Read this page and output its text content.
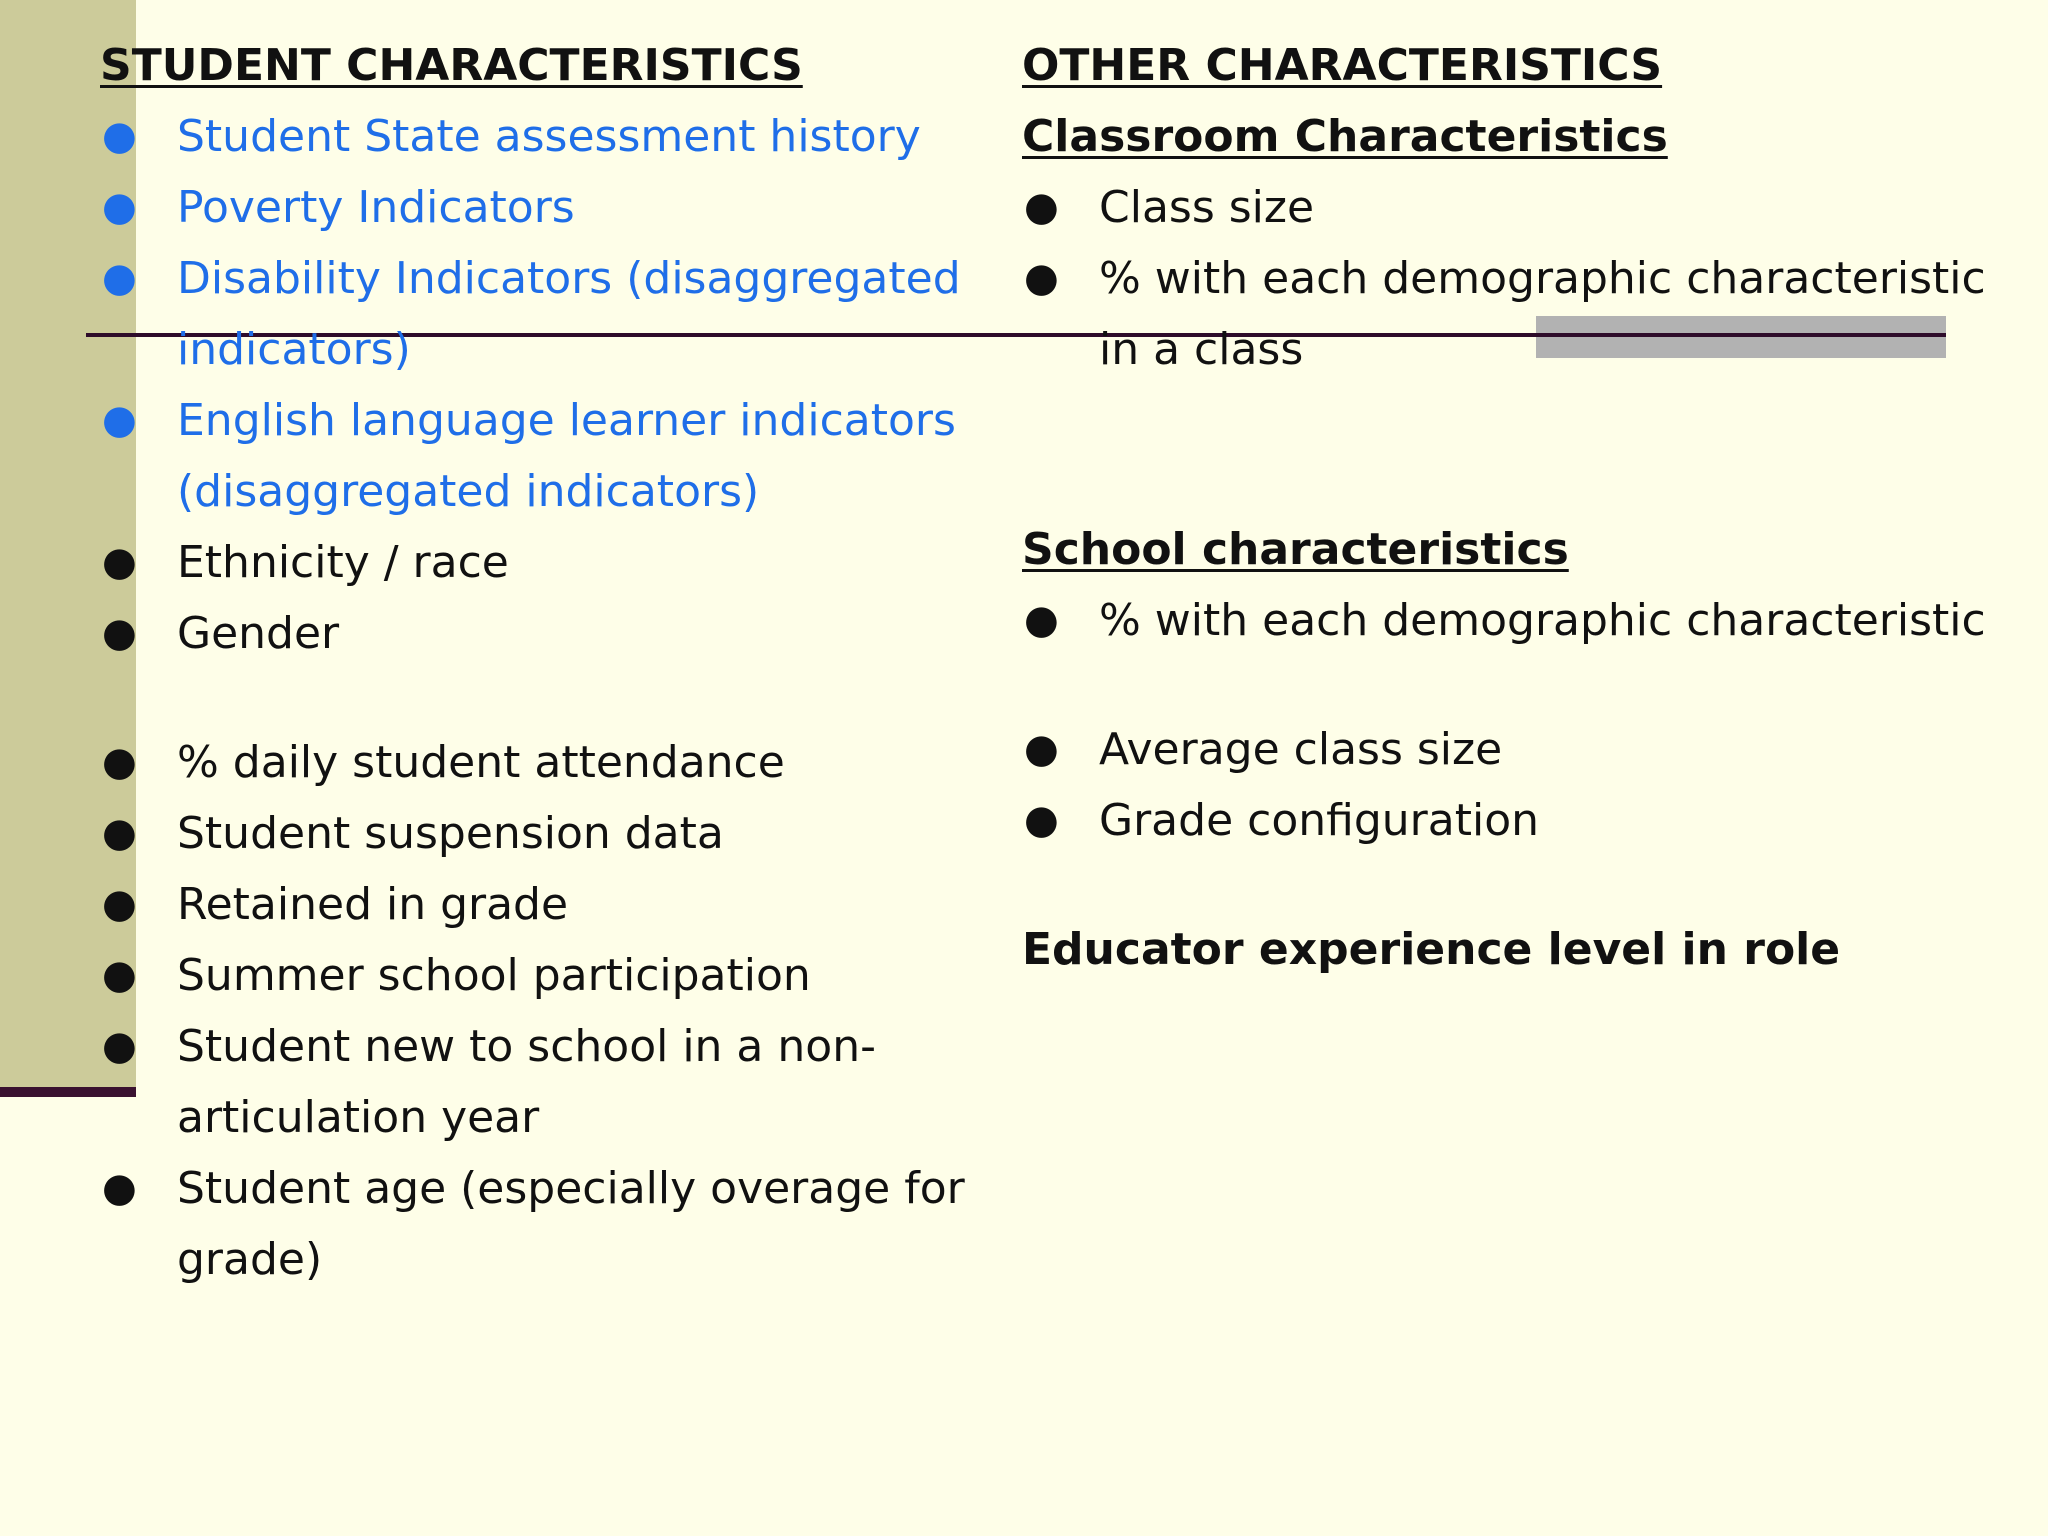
STUDENT CHARACTERISTICS
● Student State assessment history
● Poverty Indicators
● Disability Indicators (disaggregated indicators)
● English language learner indicators (disaggregated indicators)
● Ethnicity / race
● Gender
● % daily student attendance
● Student suspension data
● Retained in grade
● Summer school participation
● Student new to school in a non-articulation year
● Student age (especially overage for grade)
OTHER CHARACTERISTICS
Classroom Characteristics
● Class size
● % with each demographic characteristic in a class
School characteristics
● % with each demographic characteristic
● Average class size
● Grade configuration
Educator experience level in role
